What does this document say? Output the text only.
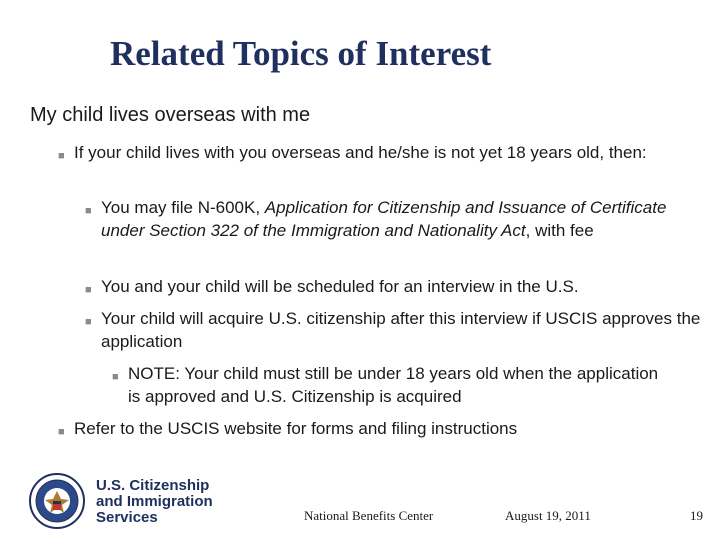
Related Topics of Interest
My child lives overseas with me
■ If your child lives with you overseas and he/she is not yet 18 years old, then:
■ You may file N-600K, Application for Citizenship and Issuance of Certificate under Section 322 of the Immigration and Nationality Act, with fee
■ You and your child will be scheduled for an interview in the U.S.
■ Your child will acquire U.S. citizenship after this interview if USCIS approves the application
■ NOTE: Your child must still be under 18 years old when the application is approved and U.S. Citizenship is acquired
■ Refer to the USCIS website for forms and filing instructions
U.S. Citizenship
and Immigration
Services	National Benefits Center	August 19, 2011	19
